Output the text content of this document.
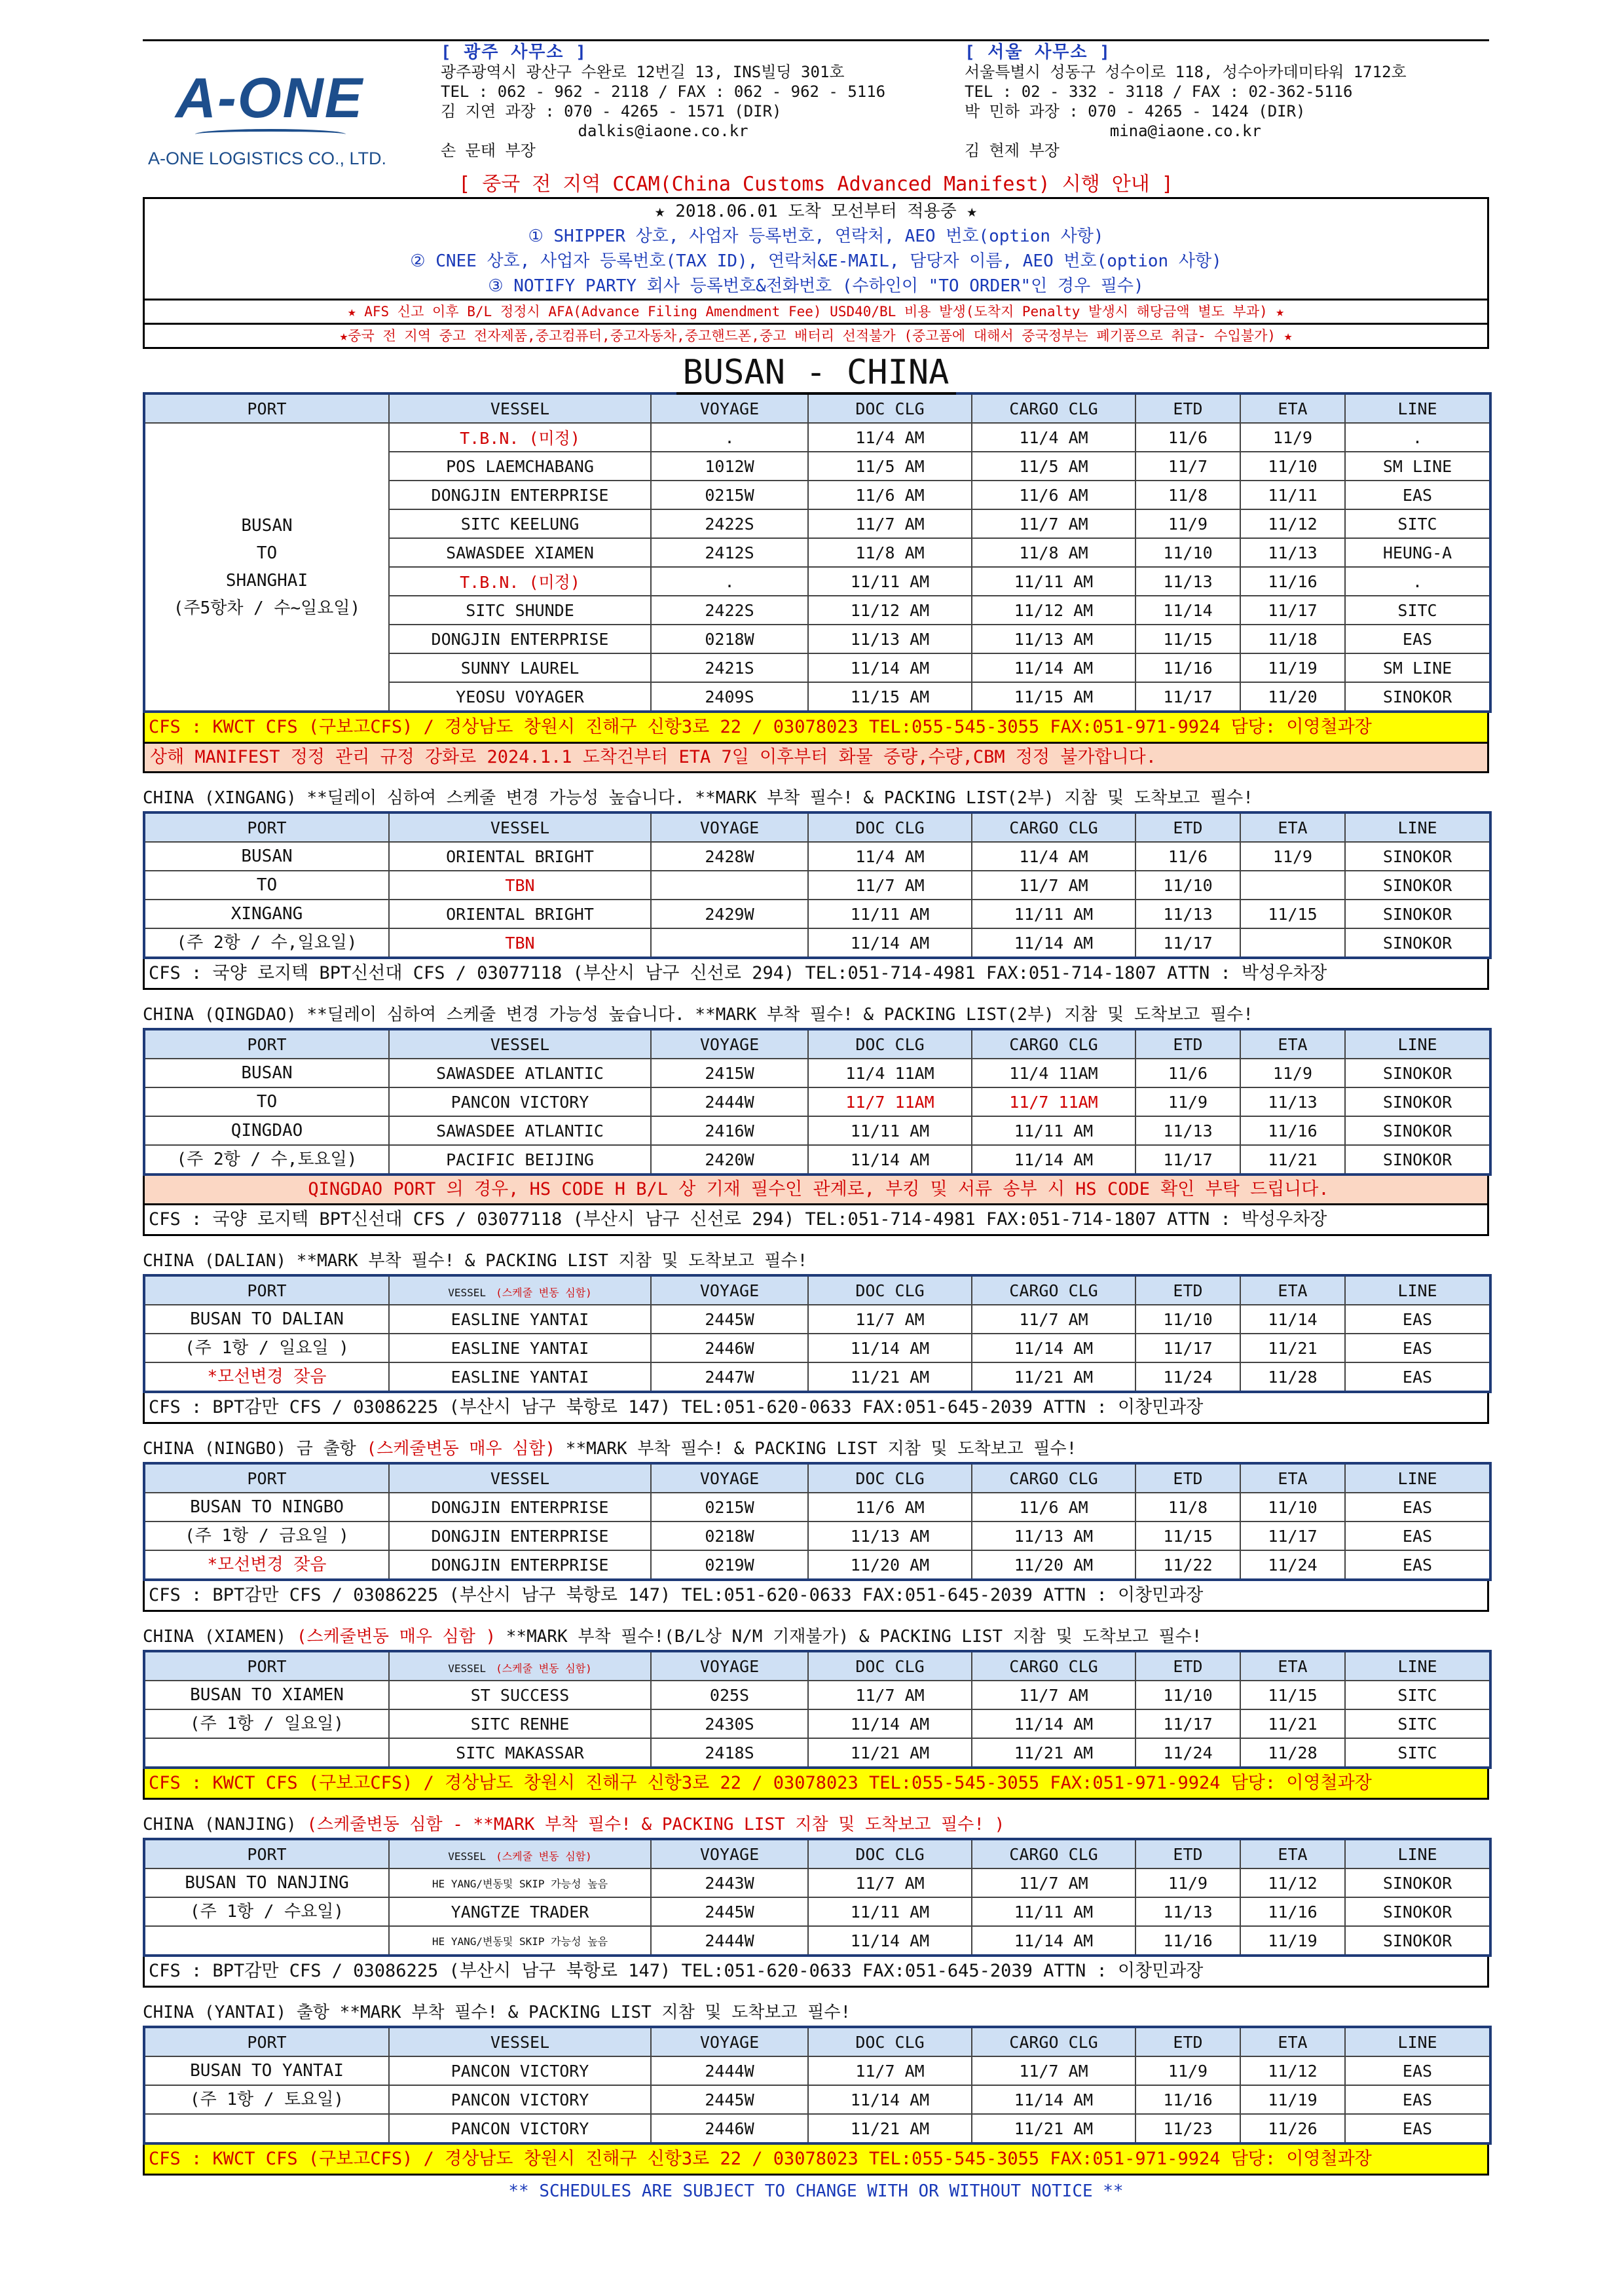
A-ONE
A-ONE LOGISTICS CO., LTD.
[ 광주 사무소 ]
광주광역시 광산구 수완로 12번길 13, INS빌딩 301호
TEL : 062 - 962 - 2118 / FAX : 062 - 962 - 5116
김 지연 과장 : 070 - 4265 - 1571 (DIR)
dalkis@iaone.co.kr
손 문태 부장
[ 서울 사무소 ]
서울특별시 성동구 성수이로 118, 성수아카데미타워 1712호
TEL : 02 - 332 - 3118 / FAX : 02-362-5116
박 민하 과장 : 070 - 4265 - 1424 (DIR)
mina@iaone.co.kr
김 현제 부장
[ 중국 전 지역 CCAM(China Customs Advanced Manifest) 시행 안내 ]
★ 2018.06.01 도착 모선부터 적용중 ★
① SHIPPER 상호, 사업자 등록번호, 연락처, AEO 번호(option 사항)
② CNEE 상호, 사업자 등록번호(TAX ID), 연락처&E-MAIL, 담당자 이름, AEO 번호(option 사항)
③ NOTIFY PARTY 회사 등록번호&전화번호 (수하인이 "TO ORDER"인 경우 필수)
★ AFS 신고 이후 B/L 정정시 AFA(Advance Filing Amendment Fee) USD40/BL 비용 발생(도착지 Penalty 발생시 해당금액 별도 부과) ★
★중국 전 지역 중고 전자제품,중고컴퓨터,중고자동차,중고핸드폰,중고 배터리 선적불가 (중고품에 대해서 중국정부는 폐기품으로 취급- 수입불가) ★
BUSAN - CHINA
PORT	VESSEL	VOYAGE	DOC CLG	CARGO CLG	ETD	ETA	LINE

BUSAN
TO
SHANGHAI
(주5항차 / 수~일요일)	T.B.N. (미정)	.	11/4 AM	11/4 AM	11/6	11/9	.
	POS LAEMCHABANG	1012W	11/5 AM	11/5 AM	11/7	11/10	SM LINE
	DONGJIN ENTERPRISE	0215W	11/6 AM	11/6 AM	11/8	11/11	EAS
	SITC KEELUNG	2422S	11/7 AM	11/7 AM	11/9	11/12	SITC
	SAWASDEE XIAMEN	2412S	11/8 AM	11/8 AM	11/10	11/13	HEUNG-A
	T.B.N. (미정)	.	11/11 AM	11/11 AM	11/13	11/16	.
	SITC SHUNDE	2422S	11/12 AM	11/12 AM	11/14	11/17	SITC
	DONGJIN ENTERPRISE	0218W	11/13 AM	11/13 AM	11/15	11/18	EAS
	SUNNY LAUREL	2421S	11/14 AM	11/14 AM	11/16	11/19	SM LINE
	YEOSU VOYAGER	2409S	11/15 AM	11/15 AM	11/17	11/20	SINOKOR
CFS : KWCT CFS (구보고CFS) / 경상남도 창원시 진해구 신항3로 22 / 03078023 TEL:055-545-3055 FAX:051-971-9924 담당: 이영철과장
상해 MANIFEST 정정 관리 규정 강화로 2024.1.1 도착건부터 ETA 7일 이후부터 화물 중량,수량,CBM 정정 불가합니다.
CHINA (XINGANG) **딜레이 심하여 스케줄 변경 가능성 높습니다. **MARK 부착 필수! & PACKING LIST(2부) 지참 및 도착보고 필수!
PORT	VESSEL	VOYAGE	DOC CLG	CARGO CLG	ETD	ETA	LINE
BUSAN	ORIENTAL BRIGHT	2428W	11/4 AM	11/4 AM	11/6	11/9	SINOKOR
TO	TBN		11/7 AM	11/7 AM	11/10		SINOKOR
XINGANG	ORIENTAL BRIGHT	2429W	11/11 AM	11/11 AM	11/13	11/15	SINOKOR
(주 2항 / 수,일요일)	TBN		11/14 AM	11/14 AM	11/17		SINOKOR
CFS : 국양 로지텍 BPT신선대 CFS / 03077118 (부산시 남구 신선로 294) TEL:051-714-4981 FAX:051-714-1807 ATTN : 박성우차장
CHINA (QINGDAO) **딜레이 심하여 스케줄 변경 가능성 높습니다. **MARK 부착 필수! & PACKING LIST(2부) 지참 및 도착보고 필수!
PORT	VESSEL	VOYAGE	DOC CLG	CARGO CLG	ETD	ETA	LINE
BUSAN	SAWASDEE ATLANTIC	2415W	11/4 11AM	11/4 11AM	11/6	11/9	SINOKOR
TO	PANCON VICTORY	2444W	11/7 11AM	11/7 11AM	11/9	11/13	SINOKOR
QINGDAO	SAWASDEE ATLANTIC	2416W	11/11 AM	11/11 AM	11/13	11/16	SINOKOR
(주 2항 / 수,토요일)	PACIFIC BEIJING	2420W	11/14 AM	11/14 AM	11/17	11/21	SINOKOR
QINGDAO PORT 의 경우, HS CODE H B/L 상 기재 필수인 관계로, 부킹 및 서류 송부 시 HS CODE 확인 부탁 드립니다.
CFS : 국양 로지텍 BPT신선대 CFS / 03077118 (부산시 남구 신선로 294) TEL:051-714-4981 FAX:051-714-1807 ATTN : 박성우차장
CHINA (DALIAN) **MARK 부착 필수! & PACKING LIST 지참 및 도착보고 필수!
PORT	VESSEL (스케줄 변동 심함)	VOYAGE	DOC CLG	CARGO CLG	ETD	ETA	LINE
BUSAN TO DALIAN	EASLINE YANTAI	2445W	11/7 AM	11/7 AM	11/10	11/14	EAS
(주 1항 / 일요일 )	EASLINE YANTAI	2446W	11/14 AM	11/14 AM	11/17	11/21	EAS
*모선변경 잦음	EASLINE YANTAI	2447W	11/21 AM	11/21 AM	11/24	11/28	EAS
CFS : BPT감만 CFS / 03086225 (부산시 남구 북항로 147) TEL:051-620-0633 FAX:051-645-2039 ATTN : 이창민과장
CHINA (NINGBO) 금 출항 (스케줄변동 매우 심함) **MARK 부착 필수! & PACKING LIST 지참 및 도착보고 필수!
PORT	VESSEL	VOYAGE	DOC CLG	CARGO CLG	ETD	ETA	LINE
BUSAN TO NINGBO	DONGJIN ENTERPRISE	0215W	11/6 AM	11/6 AM	11/8	11/10	EAS
(주 1항 / 금요일 )	DONGJIN ENTERPRISE	0218W	11/13 AM	11/13 AM	11/15	11/17	EAS
*모선변경 잦음	DONGJIN ENTERPRISE	0219W	11/20 AM	11/20 AM	11/22	11/24	EAS
CFS : BPT감만 CFS / 03086225 (부산시 남구 북항로 147) TEL:051-620-0633 FAX:051-645-2039 ATTN : 이창민과장
CHINA (XIAMEN) (스케줄변동 매우 심함 ) **MARK 부착 필수!(B/L상 N/M 기재불가) & PACKING LIST 지참 및 도착보고 필수!
PORT	VESSEL (스케줄 변동 심함)	VOYAGE	DOC CLG	CARGO CLG	ETD	ETA	LINE
BUSAN TO XIAMEN	ST SUCCESS	025S	11/7 AM	11/7 AM	11/10	11/15	SITC
(주 1항 / 일요일)	SITC RENHE	2430S	11/14 AM	11/14 AM	11/17	11/21	SITC
	SITC MAKASSAR	2418S	11/21 AM	11/21 AM	11/24	11/28	SITC
CFS : KWCT CFS (구보고CFS) / 경상남도 창원시 진해구 신항3로 22 / 03078023 TEL:055-545-3055 FAX:051-971-9924 담당: 이영철과장
CHINA (NANJING) (스케줄변동 심함 - **MARK 부착 필수! & PACKING LIST 지참 및 도착보고 필수! )
PORT	VESSEL (스케줄 변동 심함)	VOYAGE	DOC CLG	CARGO CLG	ETD	ETA	LINE
BUSAN TO NANJING	HE YANG/변동및 SKIP 가능성 높음	2443W	11/7 AM	11/7 AM	11/9	11/12	SINOKOR
(주 1항 / 수요일)	YANGTZE TRADER	2445W	11/11 AM	11/11 AM	11/13	11/16	SINOKOR
	HE YANG/변동및 SKIP 가능성 높음	2444W	11/14 AM	11/14 AM	11/16	11/19	SINOKOR
CFS : BPT감만 CFS / 03086225 (부산시 남구 북항로 147) TEL:051-620-0633 FAX:051-645-2039 ATTN : 이창민과장
CHINA (YANTAI) 출항 **MARK 부착 필수! & PACKING LIST 지참 및 도착보고 필수!
PORT	VESSEL	VOYAGE	DOC CLG	CARGO CLG	ETD	ETA	LINE
BUSAN TO YANTAI	PANCON VICTORY	2444W	11/7 AM	11/7 AM	11/9	11/12	EAS
(주 1항 / 토요일)	PANCON VICTORY	2445W	11/14 AM	11/14 AM	11/16	11/19	EAS
	PANCON VICTORY	2446W	11/21 AM	11/21 AM	11/23	11/26	EAS
CFS : KWCT CFS (구보고CFS) / 경상남도 창원시 진해구 신항3로 22 / 03078023 TEL:055-545-3055 FAX:051-971-9924 담당: 이영철과장
** SCHEDULES ARE SUBJECT TO CHANGE WITH OR WITHOUT NOTICE **
